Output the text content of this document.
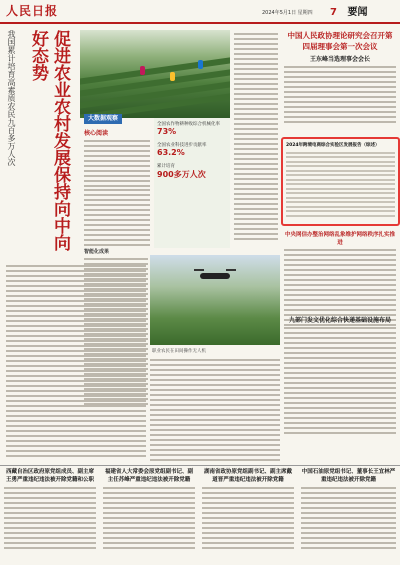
人民日报	2024年5月1日 星期四 7 要闻
促进农业农村发展保持向中向好态势
我国累计培育高素质农民九百多万人次	大数据观察
核心阅读
全国农作物耕种收综合机械化率
73%
全国农业科技进步贡献率
63.2%
累计培育
900多万人次
智能化成果
职业农民在田间操作无人机
中国人民政协理论研究会召开第四届理事会第一次会议
王东峰当选理事会会长
2024年跨境电商综合实验区发展报告（综述）
中央网信办整治网络乱象维护网络秩序扎实推进
九部门发文优化综合快递基础设施布局
西藏自治区政府原党组成员、副主席王勇严重违纪违法被开除党籍和公职
福建省人大常委会原党组副书记、副主任苏峰严重违纪违法被开除党籍
湖南省政协原党组副书记、副主席戴道晋严重违纪违法被开除党籍
中国石油原党组书记、董事长王宜林严重违纪违法被开除党籍
